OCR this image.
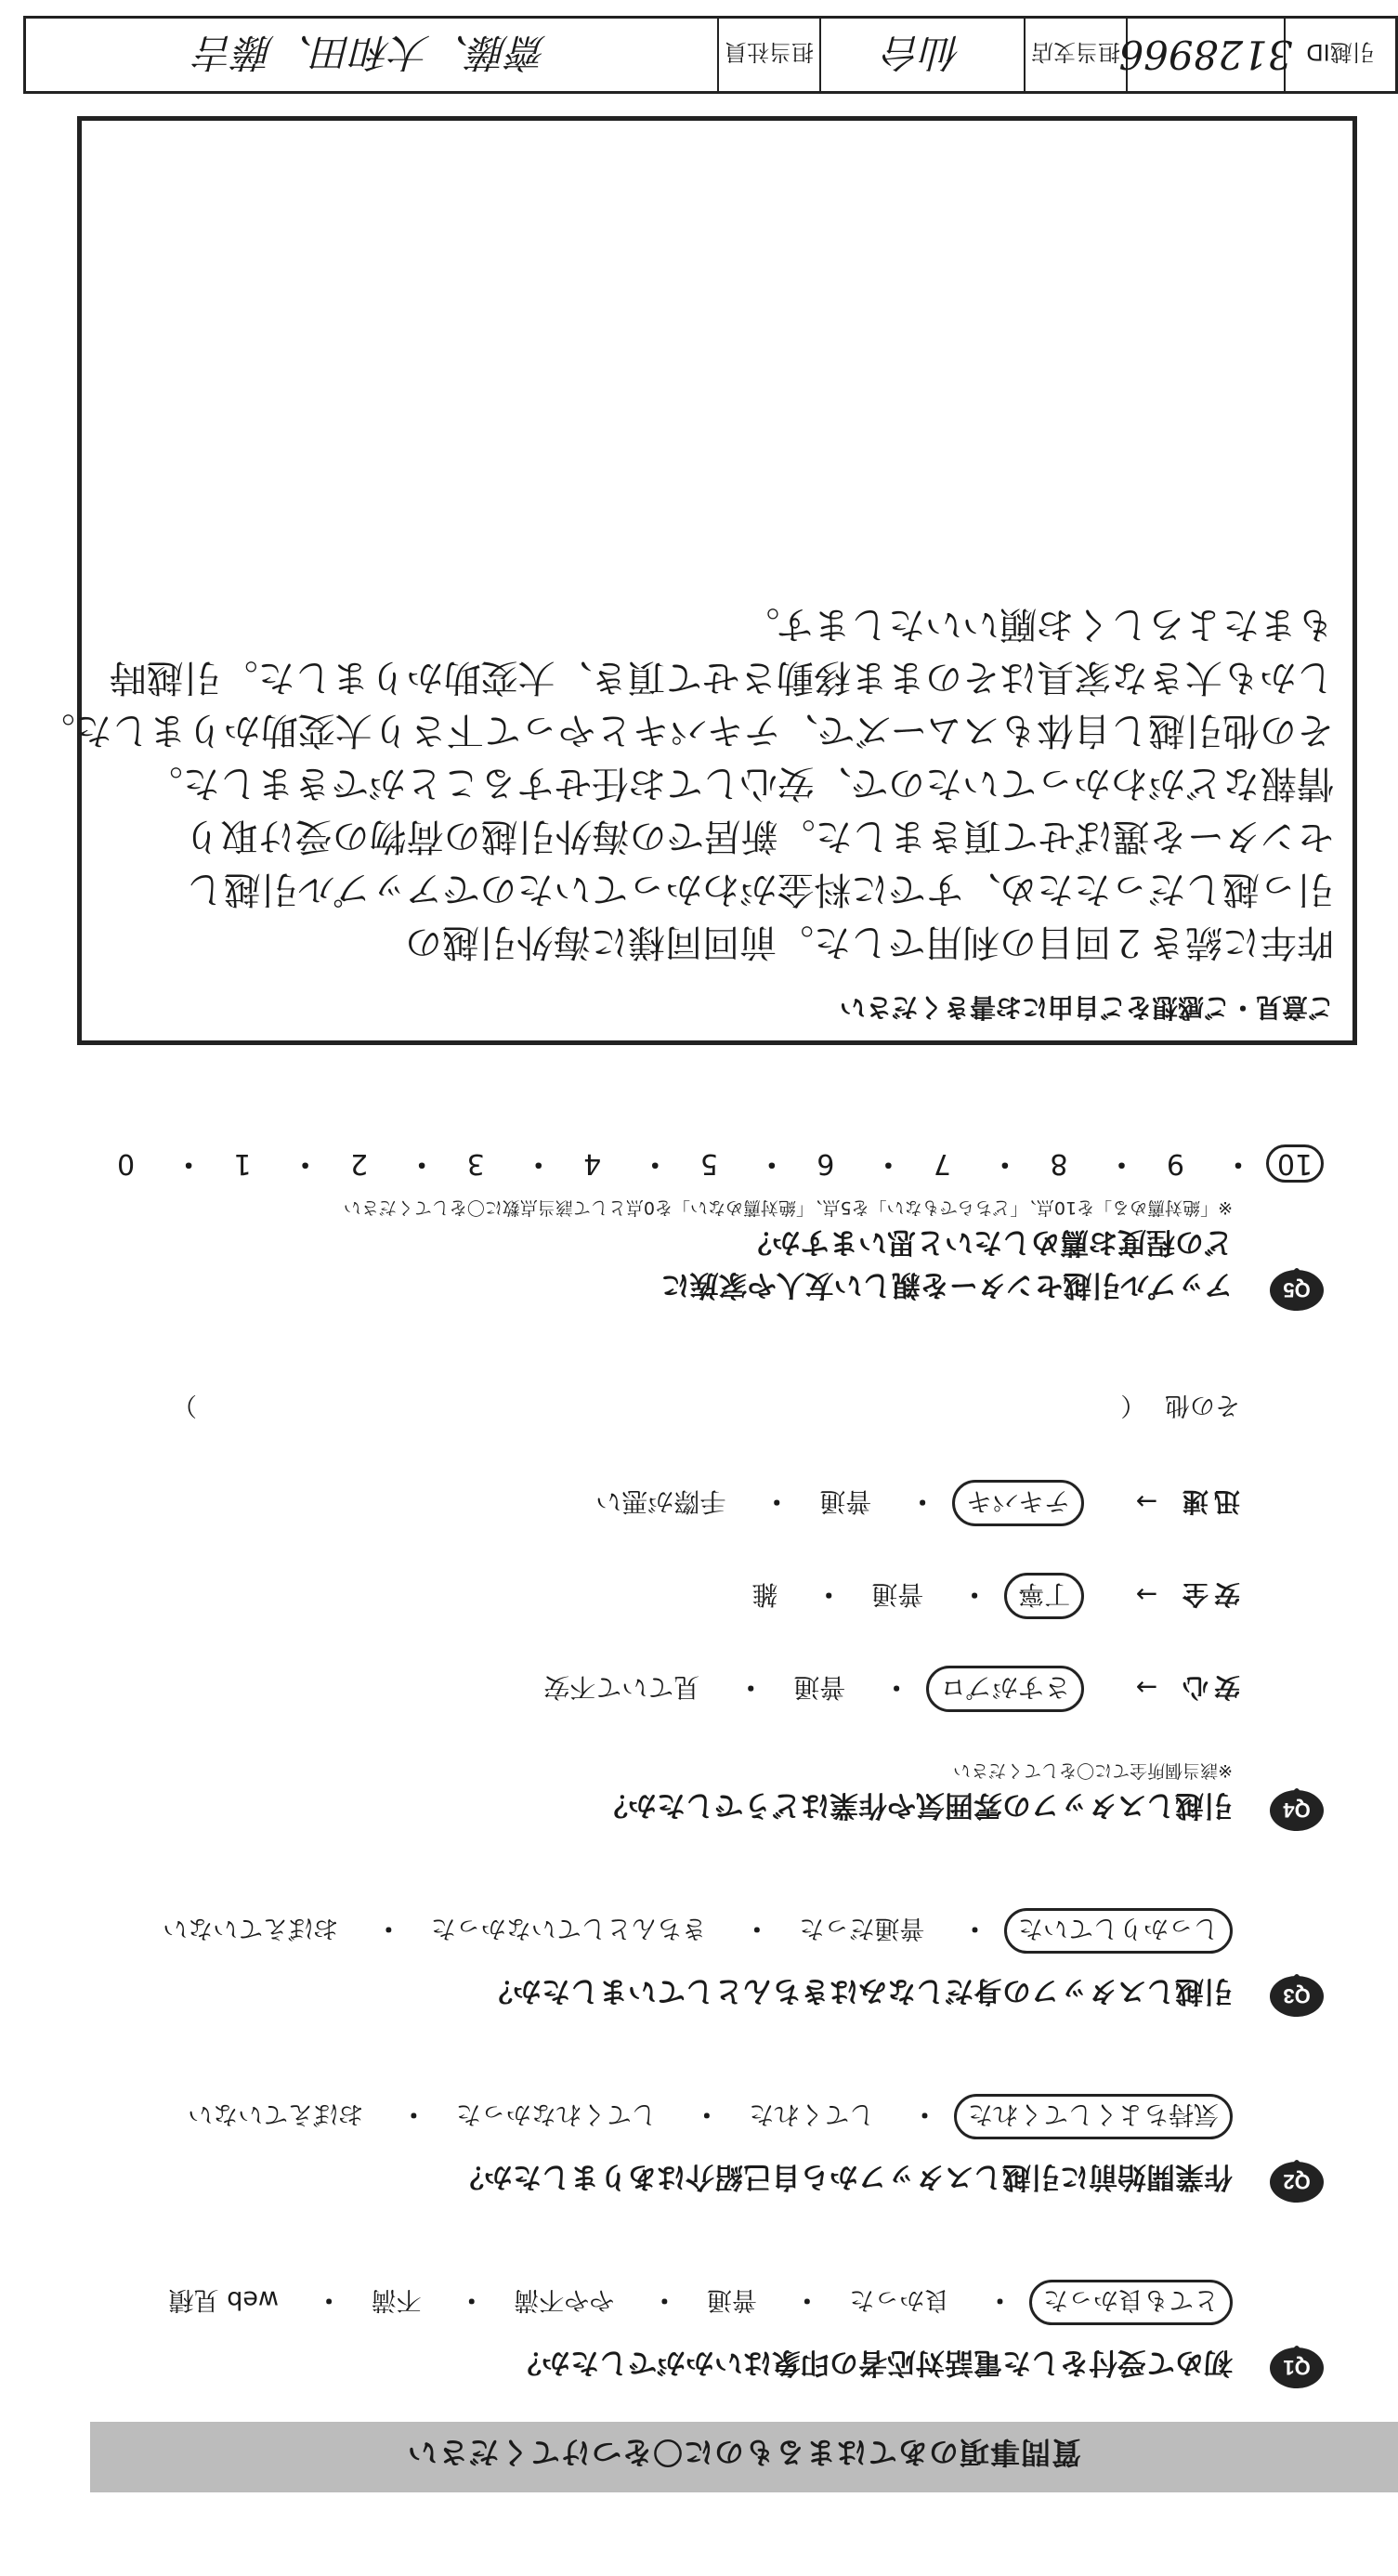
質問事項のあてはまるものに〇をつけてください
Q1
初めて受付をした電話対応者の印象はいかがでしたか？
とても良かった・ 良かった・ 普通・ やや不満・ 不満・ web 見積
Q2
作業開始前に引越しスタッフから自己紹介はありましたか？
気持ちよくしてくれた・ してくれた・ してくれなかった・ おぼえていない
Q3
引越しスタッフの身だしなみはきちんとしていましたか？
しっかりしていた・ 普通だった・ きちんとしていなかった・ おぼえていない
Q4
引越しスタッフの雰囲気や作業はどうでしたか？
※該当個所全てに〇をしてください
安心 → さすがプロ・ 普通・ 見ていて不安
安全 → 丁寧・ 普通・ 雑
迅速 → テキパキ・ 普通・ 手際が悪い
その他 （
）
Q5
アップル引越センターを親しい友人や家族に
どの程度お薦めしたいと思いますか？
※「絶対薦める」を10点、「どちらでもない」を5点、「絶対薦めない」を0点として該当点数に〇をしてください
10・ 9・ 8・ 7・ 6・ 5・ 4・ 3・ 2・ 1・ 0
ご意見・ご感想をご自由にお書きください
昨年に続き２回目の利用でした。前回同様に海外引越の
引っ越しだったため、すでに料金がわかっていたのでアップル引越し
センターを選ばせて頂きました。新居での海外引越の荷物の受け取り
情報などがわかっていたので、安心してお任せすることができました。
その他引越し自体もスムーズで、テキパキとやって下さり大変助かりました。
しかも大きな家具はそのまま移動させて頂き、大変助かりました。引越時
もまたよろしくお願いいたします。
引越ID
3128966
担当支店
仙台
担当社員
齋藤、大和田、藤吉
